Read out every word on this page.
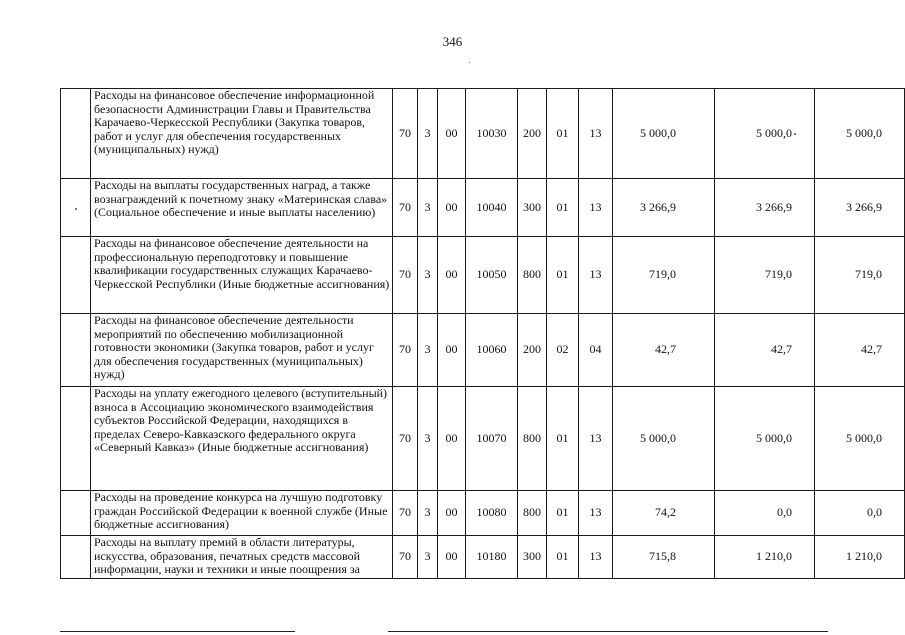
346
	Расходы на финансовое обеспечение информационной безопасности Администрации Главы и Правительства Карачаево-Черкесской Республики (Закупка товаров, работ и услуг для обеспечения государственных (муниципальных) нужд)	70	3	00	10030	200	01	13	5 000,0	5 000,0	5 000,0
	Расходы на выплаты государственных наград, а также вознаграждений к почетному знаку «Материнская слава» (Социальное обеспечение и иные выплаты населению)	70	3	00	10040	300	01	13	3 266,9	3 266,9	3 266,9
	Расходы на финансовое обеспечение деятельности на профессиональную переподготовку и повышение квалификации государственных служащих Карачаево-Черкесской Республики (Иные бюджетные ассигнования)	70	3	00	10050	800	01	13	719,0	719,0	719,0
	Расходы на финансовое обеспечение деятельности мероприятий по обеспечению мобилизационной готовности экономики (Закупка товаров, работ и услуг для обеспечения государственных (муниципальных) нужд)	70	3	00	10060	200	02	04	42,7	42,7	42,7
	Расходы на уплату ежегодного целевого (вступительный) взноса в Ассоциацию экономического взаимодействия субъектов Российской Федерации, находящихся в пределах Северо-Кавказского федерального округа «Северный Кавказ» (Иные бюджетные ассигнования)	70	3	00	10070	800	01	13	5 000,0	5 000,0	5 000,0
	Расходы на проведение конкурса на лучшую подготовку граждан Российской Федерации к военной службе (Иные бюджетные ассигнования)	70	3	00	10080	800	01	13	74,2	0,0	0,0
	Расходы на выплату премий в области литературы, искусства, образования, печатных средств массовой информации, науки и техники и иные поощрения за	70	3	00	10180	300	01	13	715,8	1 210,0	1 210,0
